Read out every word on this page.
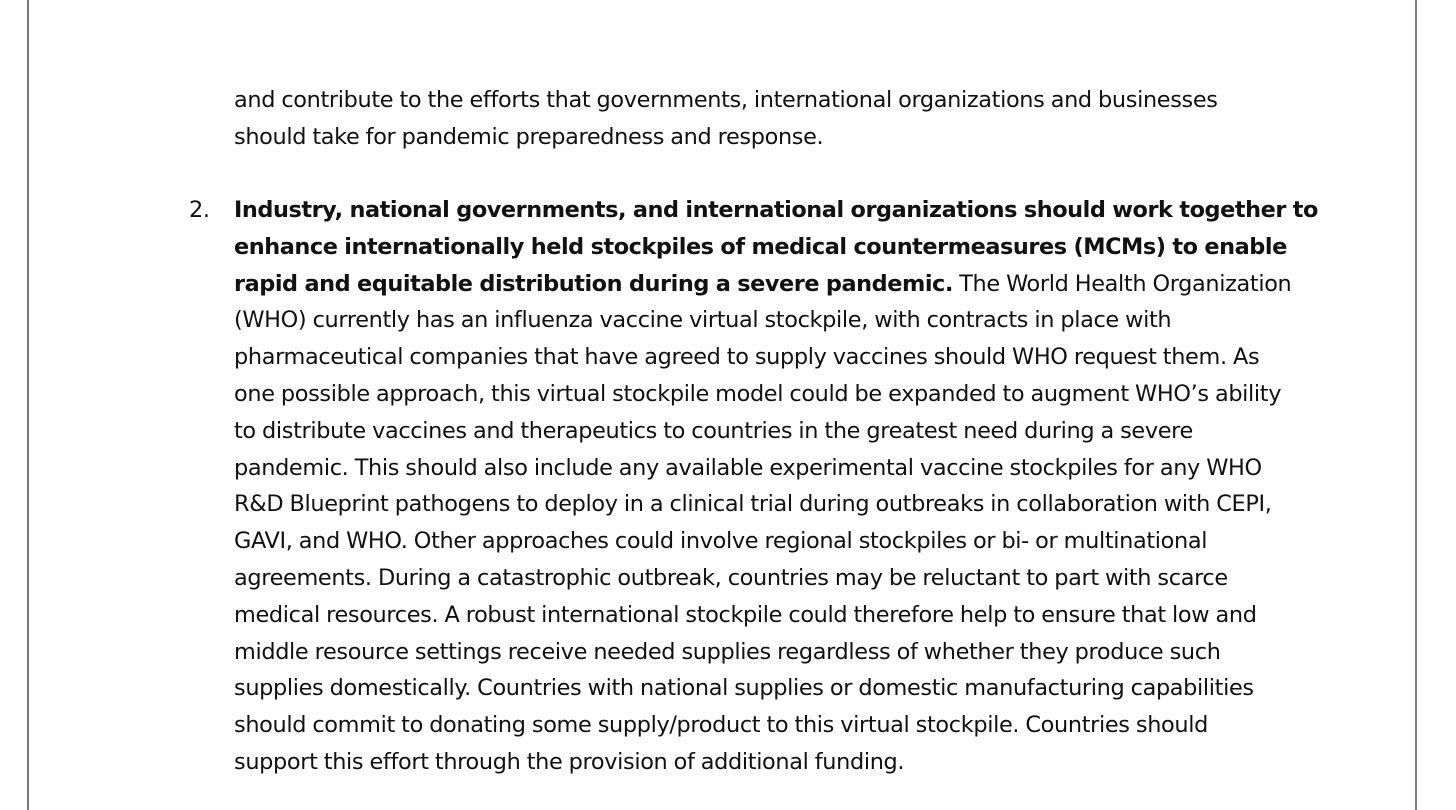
and contribute to the efforts that governments, international organizations and businesses
should take for pandemic preparedness and response.
2. Industry, national governments, and international organizations should work together to
enhance internationally held stockpiles of medical countermeasures (MCMs) to enable
rapid and equitable distribution during a severe pandemic. The World Health Organization
(WHO) currently has an influenza vaccine virtual stockpile, with contracts in place with
pharmaceutical companies that have agreed to supply vaccines should WHO request them. As
one possible approach, this virtual stockpile model could be expanded to augment WHO’s ability
to distribute vaccines and therapeutics to countries in the greatest need during a severe
pandemic. This should also include any available experimental vaccine stockpiles for any WHO
R&D Blueprint pathogens to deploy in a clinical trial during outbreaks in collaboration with CEPI,
GAVI, and WHO. Other approaches could involve regional stockpiles or bi- or multinational
agreements. During a catastrophic outbreak, countries may be reluctant to part with scarce
medical resources. A robust international stockpile could therefore help to ensure that low and
middle resource settings receive needed supplies regardless of whether they produce such
supplies domestically. Countries with national supplies or domestic manufacturing capabilities
should commit to donating some supply/product to this virtual stockpile. Countries should
support this effort through the provision of additional funding.
